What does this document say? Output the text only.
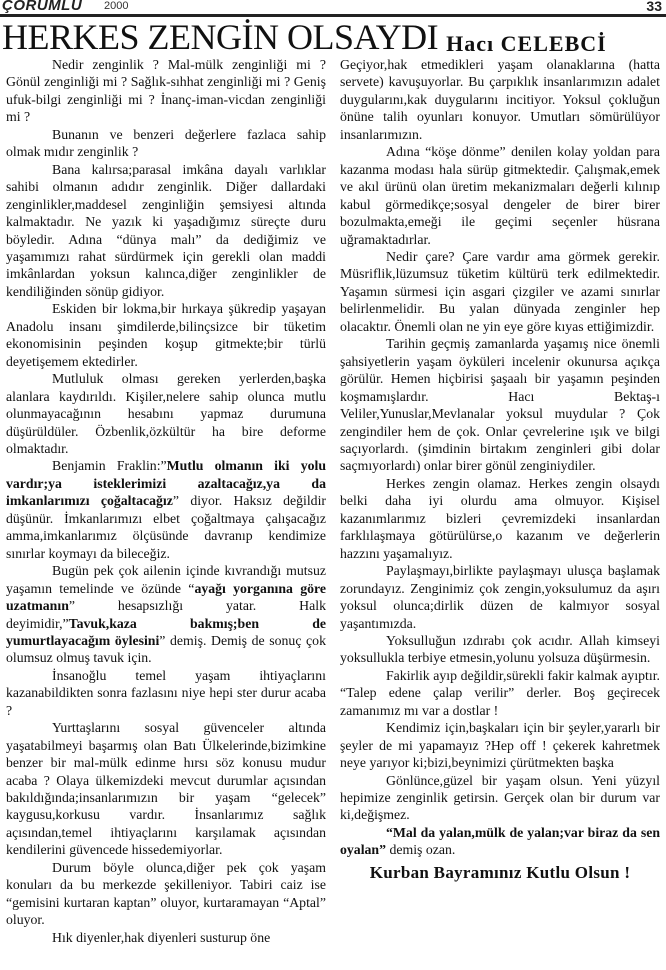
ÇORUMLU 2000	33
HERKES ZENGİN OLSAYDI Hacı CELEBCİ

Nedir zenginlik ? Mal-mülk zenginliği mi ? Gönül zenginliği mi ? Sağlık-sıhhat zenginliği mi ? Geniş ufuk-bilgi zenginliği mi ? İnanç-iman-vicdan zenginliği mi ?

Bunanın ve benzeri değerlere fazlaca sahip olmak mıdır zenginlik ?

Bana kalırsa;parasal imkâna dayalı varlıklar sahibi olmanın adıdır zenginlik. Diğer dallardaki zenginlikler,maddesel zenginliğin şemsiyesi altında kalmaktadır. Ne yazık ki yaşadığımız süreçte duru böyledir. Adına “dünya malı” da dediğimiz ve yaşamımızı rahat sürdürmek için gerekli olan maddi imkânlardan yoksun kalınca,diğer zenginlikler de kendiliğinden sönüp gidiyor.

Eskiden bir lokma,bir hırkaya şükredip yaşayan Anadolu insanı şimdilerde,bilinçsizce bir tüketim ekonomisinin peşinden koşup gitmekte;bir türlü deyetişemem ektedirler.

Mutluluk olması gereken yerlerden,başka alanlara kaydırıldı. Kişiler,nelere sahip olunca mutlu olunmayacağının hesabını yapmaz durumuna düşürüldüler. Özbenlik,özkültür ha bire deforme olmaktadır.

Benjamin Fraklin:”Mutlu olmanın iki yolu vardır;ya isteklerimizi azaltacağız,ya da imkanlarımızı çoğaltacağız” diyor. Haksız değildir düşünür. İmkanlarımızı elbet çoğaltmaya çalışacağız amma,imkanlarımız ölçüsünde davranıp kendimize sınırlar koymayı da bileceğiz.

Bugün pek çok ailenin içinde kıvrandığı mutsuz yaşamın temelinde ve özünde “ayağı yorganına göre uzatmanın” hesapsızlığı yatar. Halk deyimidir,”Tavuk,kaza bakmış;ben de yumurtlayacağım öylesini” demiş. Demiş de sonuç çok olumsuz olmuş tavuk için.

İnsanoğlu temel yaşam ihtiyaçlarını kazanabildikten sonra fazlasını niye hepi ster durur acaba ?

Yurttaşlarını sosyal güvenceler altında yaşatabilmeyi başarmış olan Batı Ülkelerinde,bizimkine benzer bir mal-mülk edinme hırsı söz konusu mudur acaba ? Olaya ülkemizdeki mevcut durumlar açısından bakıldığında;insanlarımızın bir yaşam “gelecek” kaygusu,korkusu vardır. İnsanlarımız sağlık açısından,temel ihtiyaçlarını karşılamak açısından kendilerini güvencede hissedemiyorlar.

Durum böyle olunca,diğer pek çok yaşam konuları da bu merkezde şekilleniyor. Tabiri caiz ise “gemisini kurtaran kaptan” oluyor, kurtaramayan “Aptal” oluyor.

Hık diyenler,hak diyenleri susturup öne

Geçiyor,hak etmedikleri yaşam olanaklarına (hatta servete) kavuşuyorlar. Bu çarpıklık insanlarımızın adalet duygularını,kak duygularını incitiyor. Yoksul çokluğun önüne talih oyunları konuyor. Umutları sömürülüyor insanlarımızın.

Adına “köşe dönme” denilen kolay yoldan para kazanma modası hala sürüp gitmektedir. Çalışmak,emek ve akıl ürünü olan üretim mekanizmaları değerli kılınıp kabul görmedikçe;sosyal dengeler de birer birer bozulmakta,emeği ile geçimi seçenler hüsrana uğramaktadırlar.

Nedir çare? Çare vardır ama görmek gerekir. Müsriflik,lüzumsuz tüketim kültürü terk edilmektedir. Yaşamın sürmesi için asgari çizgiler ve azami sınırlar belirlenmelidir. Bu yalan dünyada zenginler hep olacaktır. Önemli olan ne yin eye göre kıyas ettiğimizdir.

Tarihin geçmiş zamanlarda yaşamış nice önemli şahsiyetlerin yaşam öyküleri incelenir okunursa açıkça görülür. Hemen hiçbirisi şaşaalı bir yaşamın peşinden koşmamışlardır. Hacı Bektaş-ı Veliler,Yunuslar,Mevlanalar yoksul muydular ? Çok zengindiler hem de çok. Onlar çevrelerine ışık ve bilgi saçıyorlardı. (şimdinin birtakım zenginleri gibi dolar saçmıyorlardı) onlar birer gönül zenginiydiler.

Herkes zengin olamaz. Herkes zengin olsaydı belki daha iyi olurdu ama olmuyor. Kişisel kazanımlarımız bizleri çevremizdeki insanlardan farklılaşmaya götürülürse,o kazanım ve değerlerin hazzını yaşamalıyız.

Paylaşmayı,birlikte paylaşmayı ulusça başlamak zorundayız. Zenginimiz çok zengin,yoksulumuz da aşırı yoksul olunca;dirlik düzen de kalmıyor sosyal yaşantımızda.

Yoksulluğun ızdırabı çok acıdır. Allah kimseyi yoksullukla terbiye etmesin,yolunu yolsuza düşürmesin.

Fakirlik ayıp değildir,sürekli fakir kalmak ayıptır. “Talep edene çalap verilir” derler. Boş geçirecek zamanımız mı var a dostlar !

Kendimiz için,başkaları için bir şeyler,yararlı bir şeyler de mi yapamayız ?Hep off ! çekerek kahretmek neye yarıyor ki;bizi,beynimizi çürütmekten başka

Gönlünce,güzel bir yaşam olsun. Yeni yüzyıl hepimize zenginlik getirsin. Gerçek olan bir durum var ki,değişmez.

“Mal da yalan,mülk de yalan;var biraz da sen oyalan” demiş ozan.

Kurban Bayramınız Kutlu Olsun !
